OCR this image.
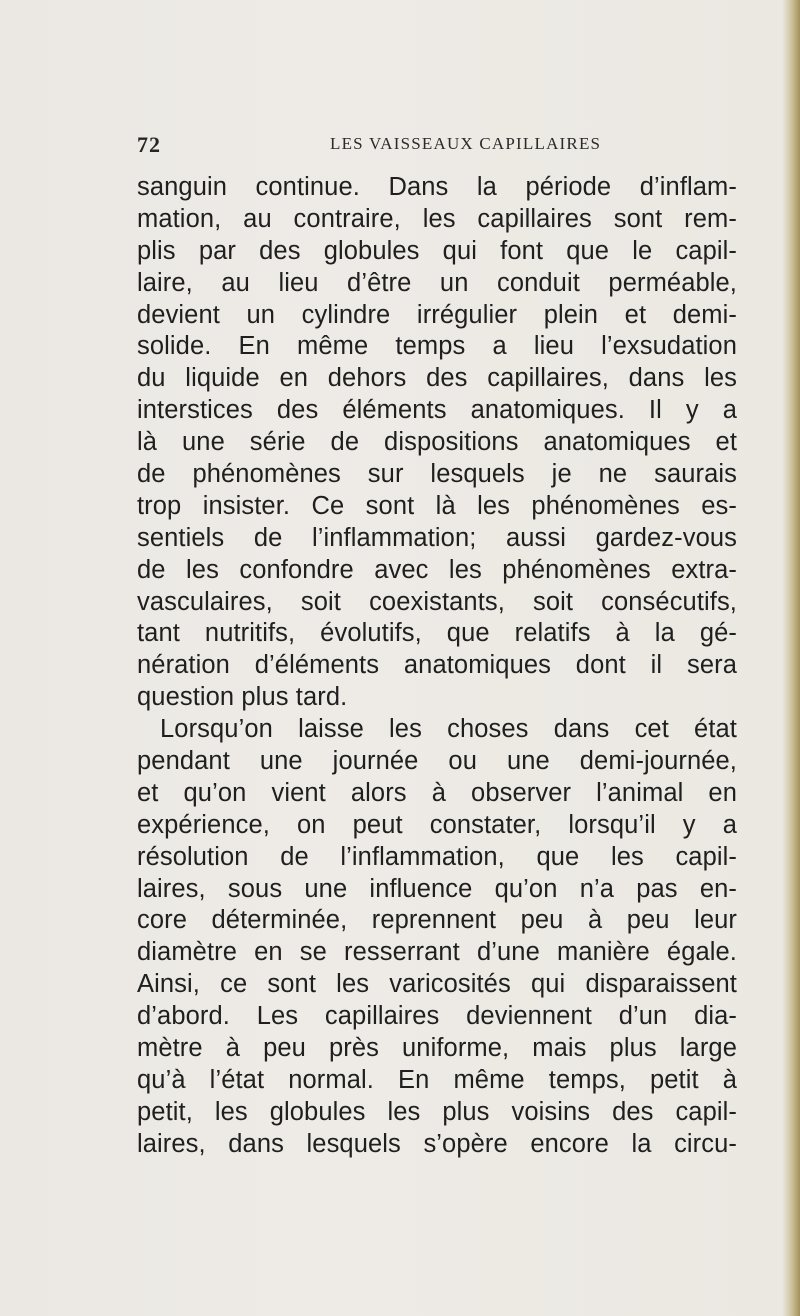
72	LES VAISSEAUX CAPILLAIRES
sanguin continue. Dans la période d’inflam-
mation, au contraire, les capillaires sont rem-
plis par des globules qui font que le capil-
laire, au lieu d’être un conduit perméable,
devient un cylindre irrégulier plein et demi-
solide. En même temps a lieu l’exsudation
du liquide en dehors des capillaires, dans les
interstices des éléments anatomiques. Il y a
là une série de dispositions anatomiques et
de phénomènes sur lesquels je ne saurais
trop insister. Ce sont là les phénomènes es-
sentiels de l’inflammation; aussi gardez-vous
de les confondre avec les phénomènes extra-
vasculaires, soit coexistants, soit consécutifs,
tant nutritifs, évolutifs, que relatifs à la gé-
nération d’éléments anatomiques dont il sera
question plus tard.
Lorsqu’on laisse les choses dans cet état
pendant une journée ou une demi-journée,
et qu’on vient alors à observer l’animal en
expérience, on peut constater, lorsqu’il y a
résolution de l’inflammation, que les capil-
laires, sous une influence qu’on n’a pas en-
core déterminée, reprennent peu à peu leur
diamètre en se resserrant d’une manière égale.
Ainsi, ce sont les varicosités qui disparaissent
d’abord. Les capillaires deviennent d’un dia-
mètre à peu près uniforme, mais plus large
qu’à l’état normal. En même temps, petit à
petit, les globules les plus voisins des capil-
laires, dans lesquels s’opère encore la circu-
